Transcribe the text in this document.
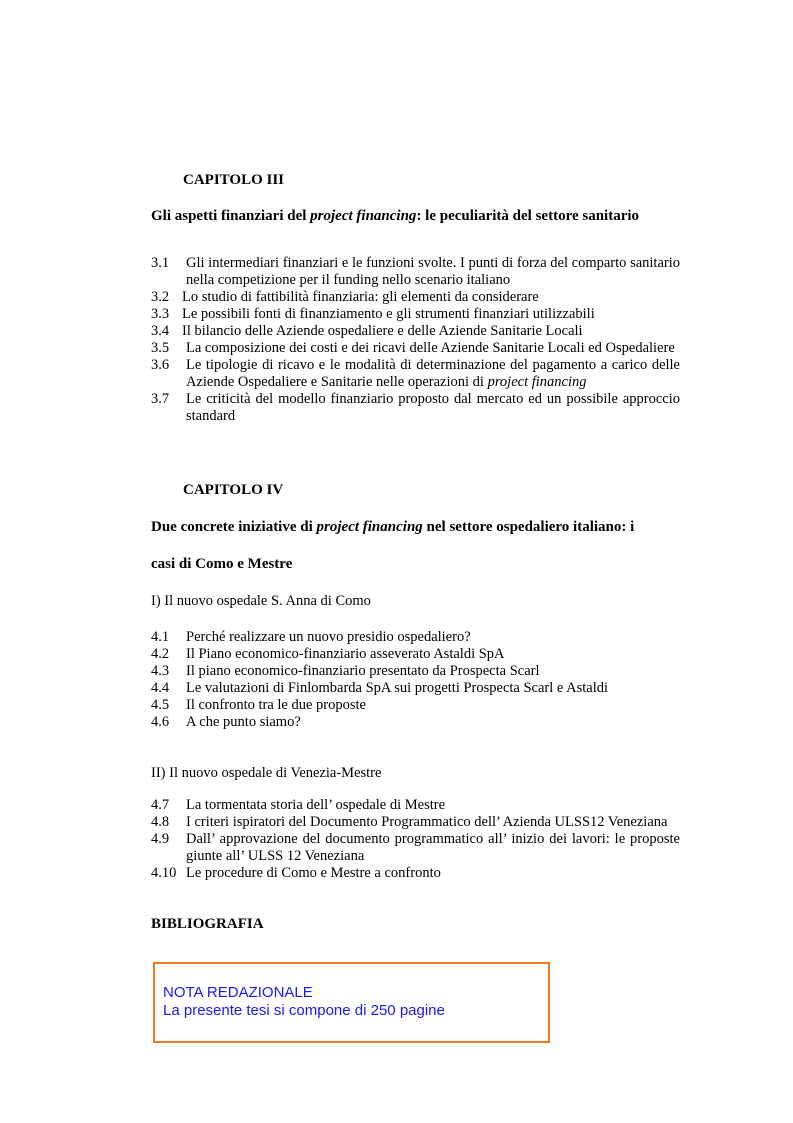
CAPITOLO III
Gli aspetti finanziari del project financing: le peculiarità del settore sanitario
3.1 Gli intermediari finanziari e le funzioni svolte. I punti di forza del comparto sanitario nella competizione per il funding nello scenario italiano
3.2 Lo studio di fattibilità finanziaria: gli elementi da considerare
3.3 Le possibili fonti di finanziamento e gli strumenti finanziari utilizzabili
3.4 Il bilancio delle Aziende ospedaliere e delle Aziende Sanitarie Locali
3.5 La composizione dei costi e dei ricavi delle Aziende Sanitarie Locali ed Ospedaliere
3.6 Le tipologie di ricavo e le modalità di determinazione del pagamento a carico delle Aziende Ospedaliere e Sanitarie nelle operazioni di project financing
3.7 Le criticità del modello finanziario proposto dal mercato ed un possibile approccio standard
CAPITOLO IV
Due concrete iniziative di project financing nel settore ospedaliero italiano: i
casi di Como e Mestre
I) Il nuovo ospedale S. Anna di Como
4.1 Perché realizzare un nuovo presidio ospedaliero?
4.2 Il Piano economico-finanziario asseverato Astaldi SpA
4.3 Il piano economico-finanziario presentato da Prospecta Scarl
4.4 Le valutazioni di Finlombarda SpA sui progetti Prospecta Scarl e Astaldi
4.5 Il confronto tra le due proposte
4.6 A che punto siamo?
II) Il nuovo ospedale di Venezia-Mestre
4.7 La tormentata storia dell’ ospedale di Mestre
4.8 I criteri ispiratori del Documento Programmatico dell’ Azienda ULSS12 Veneziana
4.9 Dall’ approvazione del documento programmatico all’ inizio dei lavori: le proposte giunte all’ ULSS 12 Veneziana
4.10 Le procedure di Como e Mestre a confronto
BIBLIOGRAFIA
NOTA REDAZIONALE
La presente tesi si compone di 250 pagine
